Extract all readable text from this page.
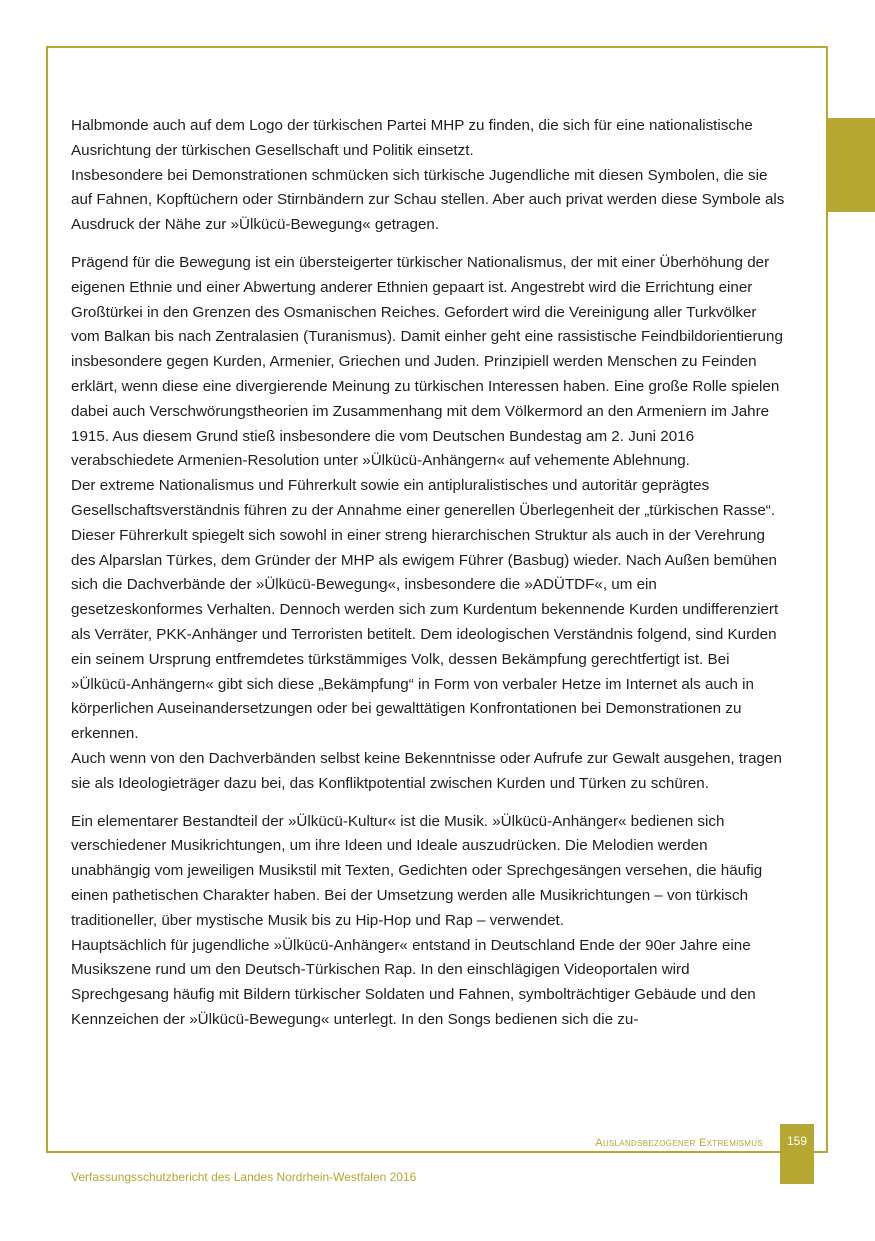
Halbmonde auch auf dem Logo der türkischen Partei MHP zu finden, die sich für eine nationalistische Ausrichtung der türkischen Gesellschaft und Politik einsetzt.

Insbesondere bei Demonstrationen schmücken sich türkische Jugendliche mit diesen Symbolen, die sie auf Fahnen, Kopftüchern oder Stirnbändern zur Schau stellen. Aber auch privat werden diese Symbole als Ausdruck der Nähe zur »Ülkücü-Bewegung« getragen.

Prägend für die Bewegung ist ein übersteigerter türkischer Nationalismus, der mit einer Überhöhung der eigenen Ethnie und einer Abwertung anderer Ethnien gepaart ist. Angestrebt wird die Errichtung einer Großtürkei in den Grenzen des Osmanischen Reiches. Gefordert wird die Vereinigung aller Turkvölker vom Balkan bis nach Zentralasien (Turanismus). Damit einher geht eine rassistische Feindbildorientierung insbesondere gegen Kurden, Armenier, Griechen und Juden. Prinzipiell werden Menschen zu Feinden erklärt, wenn diese eine divergierende Meinung zu türkischen Interessen haben. Eine große Rolle spielen dabei auch Verschwörungstheorien im Zusammenhang mit dem Völkermord an den Armeniern im Jahre 1915. Aus diesem Grund stieß insbesondere die vom Deutschen Bundestag am 2. Juni 2016 verabschiedete Armenien-Resolution unter »Ülkücü-Anhängern« auf vehemente Ablehnung.

Der extreme Nationalismus und Führerkult sowie ein antipluralistisches und autoritär geprägtes Gesellschaftsverständnis führen zu der Annahme einer generellen Überlegenheit der „türkischen Rasse“. Dieser Führerkult spiegelt sich sowohl in einer streng hierarchischen Struktur als auch in der Verehrung des Alparslan Türkes, dem Gründer der MHP als ewigem Führer (Basbug) wieder. Nach Außen bemühen sich die Dachverbände der »Ülkücü-Bewegung«, insbesondere die »ADÜTDF«, um ein gesetzeskonformes Verhalten. Dennoch werden sich zum Kurdentum bekennende Kurden undifferenziert als Verräter, PKK-Anhänger und Terroristen betitelt. Dem ideologischen Verständnis folgend, sind Kurden ein seinem Ursprung entfremdetes türkstämmiges Volk, dessen Bekämpfung gerechtfertigt ist. Bei »Ülkücü-Anhängern« gibt sich diese „Bekämpfung“ in Form von verbaler Hetze im Internet als auch in körperlichen Auseinandersetzungen oder bei gewalttätigen Konfrontationen bei Demonstrationen zu erkennen.

Auch wenn von den Dachverbänden selbst keine Bekenntnisse oder Aufrufe zur Gewalt ausgehen, tragen sie als Ideologieträger dazu bei, das Konfliktpotential zwischen Kurden und Türken zu schüren.

Ein elementarer Bestandteil der »Ülkücü-Kultur« ist die Musik. »Ülkücü-Anhänger« bedienen sich verschiedener Musikrichtungen, um ihre Ideen und Ideale auszudrücken. Die Melodien werden unabhängig vom jeweiligen Musikstil mit Texten, Gedichten oder Sprechgesängen versehen, die häufig einen pathetischen Charakter haben. Bei der Umsetzung werden alle Musikrichtungen – von türkisch traditioneller, über mystische Musik bis zu Hip-Hop und Rap – verwendet.

Hauptsächlich für jugendliche »Ülkücü-Anhänger« entstand in Deutschland Ende der 90er Jahre eine Musikszene rund um den Deutsch-Türkischen Rap. In den einschlägigen Videoportalen wird Sprechgesang häufig mit Bildern türkischer Soldaten und Fahnen, symbolträchtiger Gebäude und den Kennzeichen der »Ülkücü-Bewegung« unterlegt. In den Songs bedienen sich die zu-

Auslandsbezogener Extremismus	159
Verfassungsschutzbericht des Landes Nordrhein-Westfalen 2016
